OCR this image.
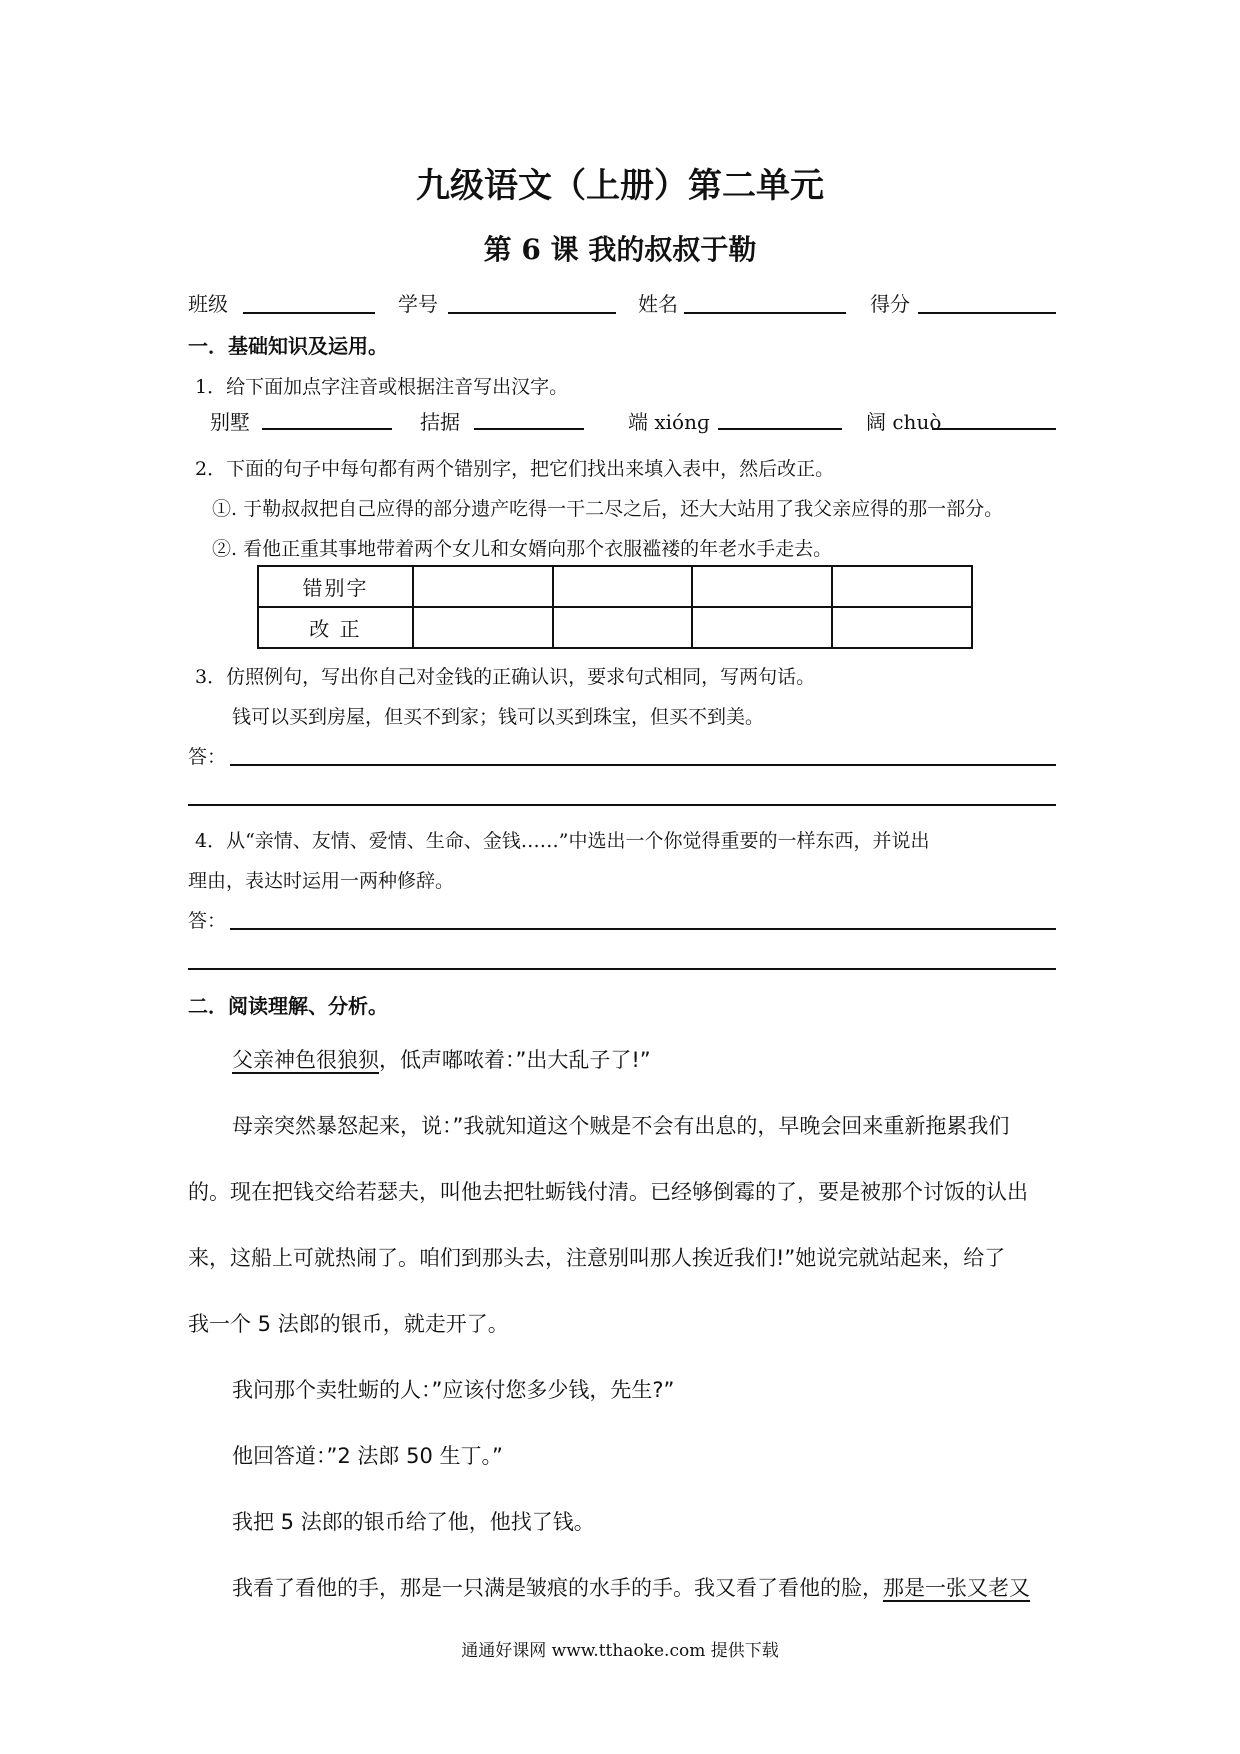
九级语文（上册）第二单元
第 6 课 我的叔叔于勒
班级	学号	姓名	得分
一．基础知识及运用。
1．给下面加点字注音或根据注音写出汉字。
别墅	拮据	端 xiónɡ	阔 chuò
2．下面的句子中每句都有两个错别字，把它们找出来填入表中，然后改正。
①. 于勒叔叔把自己应得的部分遗产吃得一干二尽之后，还大大站用了我父亲应得的那一部分。
②. 看他正重其事地带着两个女儿和女婿向那个衣服褴褛的年老水手走去。
错别字				
改 正				
3．仿照例句，写出你自己对金钱的正确认识，要求句式相同，写两句话。
钱可以买到房屋，但买不到家；钱可以买到珠宝，但买不到美。
答：
4．从“亲情、友情、爱情、生命、金钱……”中选出一个你觉得重要的一样东西，并说出
理由，表达时运用一两种修辞。
答：
二．阅读理解、分析。
父亲神色很狼狈，低声嘟哝着：”出大乱子了!”
母亲突然暴怒起来，说：”我就知道这个贼是不会有出息的，早晚会回来重新拖累我们
的。现在把钱交给若瑟夫，叫他去把牡蛎钱付清。已经够倒霉的了，要是被那个讨饭的认出
来，这船上可就热闹了。咱们到那头去，注意别叫那人挨近我们!”她说完就站起来，给了
我一个 5 法郎的银币，就走开了。
我问那个卖牡蛎的人：”应该付您多少钱，先生?”
他回答道：”2 法郎 50 生丁。”
我把 5 法郎的银币给了他，他找了钱。
我看了看他的手，那是一只满是皱痕的水手的手。我又看了看他的脸，那是一张又老又
通通好课网 www.tthaoke.com 提供下载
